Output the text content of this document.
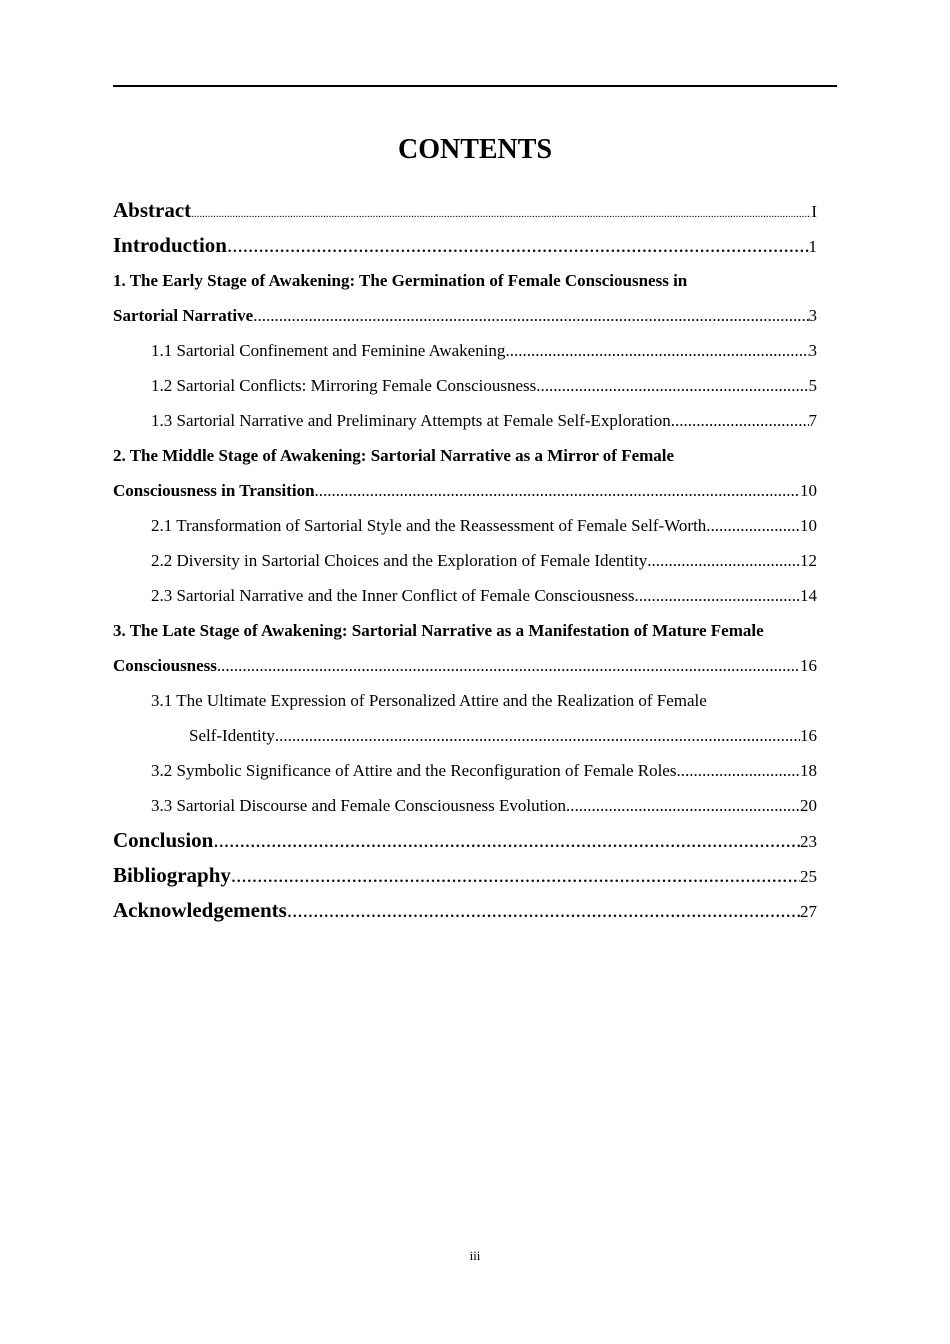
CONTENTS
Abstract .....	I
Introduction .....	1
1. The Early Stage of Awakening: The Germination of Female Consciousness in
Sartorial Narrative .....	3
1.1 Sartorial Confinement and Feminine Awakening .....	3
1.2 Sartorial Conflicts: Mirroring Female Consciousness .....	5
1.3 Sartorial Narrative and Preliminary Attempts at Female Self-Exploration .....	7
2. The Middle Stage of Awakening: Sartorial Narrative as a Mirror of Female
Consciousness in Transition .....	10
2.1 Transformation of Sartorial Style and the Reassessment of Female Self-Worth .....	10
2.2 Diversity in Sartorial Choices and the Exploration of Female Identity .....	12
2.3 Sartorial Narrative and the Inner Conflict of Female Consciousness .....	14
3. The Late Stage of Awakening: Sartorial Narrative as a Manifestation of Mature Female
Consciousness .....	16
3.1 The Ultimate Expression of Personalized Attire and the Realization of Female
Self-Identity .....	16
3.2 Symbolic Significance of Attire and the Reconfiguration of Female Roles .....	18
3.3 Sartorial Discourse and Female Consciousness Evolution .....	20
Conclusion .....	23
Bibliography .....	25
Acknowledgements .....	27
iii
